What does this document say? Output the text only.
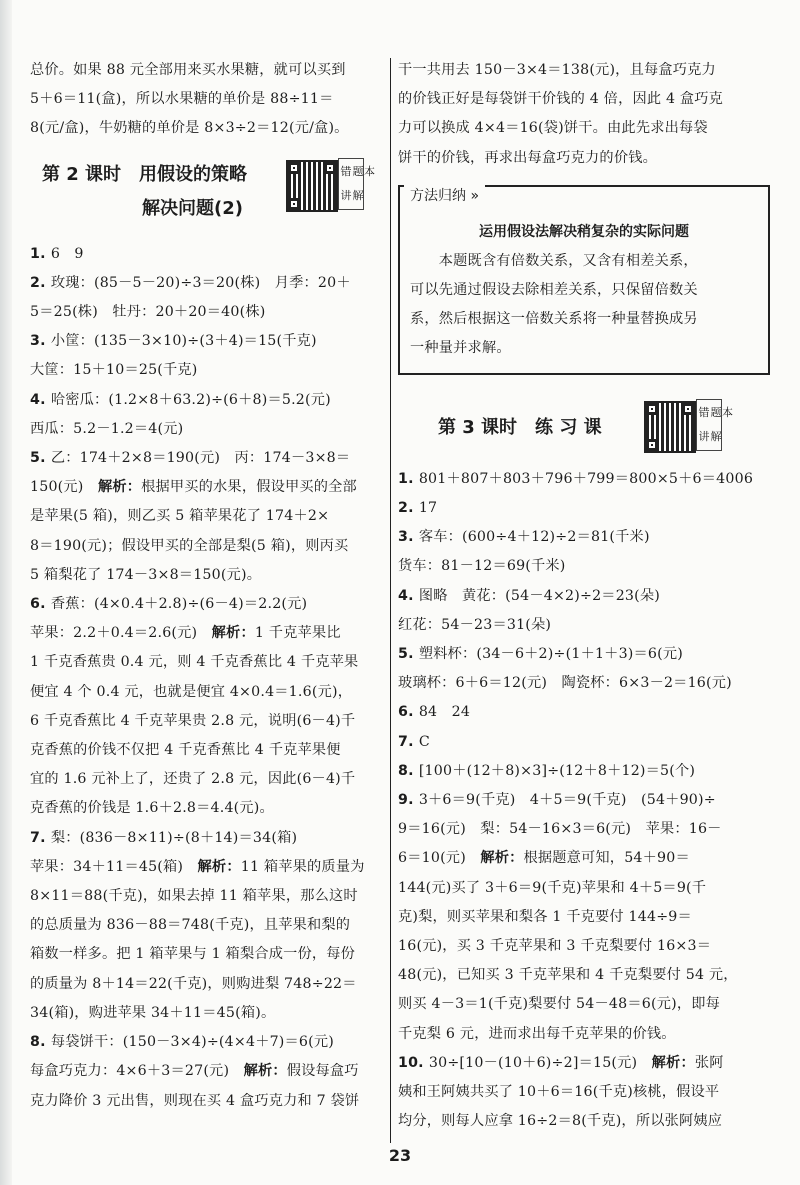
总价。如果 88 元全部用来买水果糖，就可以买到
5＋6＝11(盒)，所以水果糖的单价是 88÷11＝
8(元/盒)，牛奶糖的单价是 8×3÷2＝12(元/盒)。
第 2 课时　用假设的策略
解决问题(2)
错
讲
题
解
本
1. 6　9
2. 玫瑰：(85－5－20)÷3＝20(株)　月季：20＋
5＝25(株)　牡丹：20＋20＝40(株)
3. 小筐：(135－3×10)÷(3＋4)＝15(千克)
大筐：15＋10＝25(千克)
4. 哈密瓜：(1.2×8＋63.2)÷(6＋8)＝5.2(元)
西瓜：5.2－1.2＝4(元)
5. 乙：174＋2×8＝190(元)　丙：174－3×8＝
150(元)　解析：根据甲买的水果，假设甲买的全部
是苹果(5 箱)，则乙买 5 箱苹果花了 174＋2×
8＝190(元)；假设甲买的全部是梨(5 箱)，则丙买
5 箱梨花了 174－3×8＝150(元)。
6. 香蕉：(4×0.4＋2.8)÷(6－4)＝2.2(元)
苹果：2.2＋0.4＝2.6(元)　解析：1 千克苹果比
1 千克香蕉贵 0.4 元，则 4 千克香蕉比 4 千克苹果
便宜 4 个 0.4 元，也就是便宜 4×0.4＝1.6(元)，
6 千克香蕉比 4 千克苹果贵 2.8 元，说明(6－4)千
克香蕉的价钱不仅把 4 千克香蕉比 4 千克苹果便
宜的 1.6 元补上了，还贵了 2.8 元，因此(6－4)千
克香蕉的价钱是 1.6＋2.8＝4.4(元)。
7. 梨：(836－8×11)÷(8＋14)＝34(箱)
苹果：34＋11＝45(箱)　解析：11 箱苹果的质量为
8×11＝88(千克)，如果去掉 11 箱苹果，那么这时
的总质量为 836－88＝748(千克)，且苹果和梨的
箱数一样多。把 1 箱苹果与 1 箱梨合成一份，每份
的质量为 8＋14＝22(千克)，则购进梨 748÷22＝
34(箱)，购进苹果 34＋11＝45(箱)。
8. 每袋饼干：(150－3×4)÷(4×4＋7)＝6(元)
每盒巧克力：4×6＋3＝27(元)　解析：假设每盒巧
克力降价 3 元出售，则现在买 4 盒巧克力和 7 袋饼
干一共用去 150－3×4＝138(元)，且每盒巧克力
的价钱正好是每袋饼干价钱的 4 倍，因此 4 盒巧克
力可以换成 4×4＝16(袋)饼干。由此先求出每袋
饼干的价钱，再求出每盒巧克力的价钱。
方法归纳 »
运用假设法解决稍复杂的实际问题
　　本题既含有倍数关系，又含有相差关系，
可以先通过假设去除相差关系，只保留倍数关
系，然后根据这一倍数关系将一种量替换成另
一种量并求解。
第 3 课时　练 习 课
错
讲
题
解
本
1. 801＋807＋803＋796＋799＝800×5＋6＝4006
2. 17
3. 客车：(600÷4＋12)÷2＝81(千米)
货车：81－12＝69(千米)
4. 图略　黄花：(54－4×2)÷2＝23(朵)
红花：54－23＝31(朵)
5. 塑料杯：(34－6＋2)÷(1＋1＋3)＝6(元)
玻璃杯：6＋6＝12(元)　陶瓷杯：6×3－2＝16(元)
6. 84　24
7. C
8. [100＋(12＋8)×3]÷(12＋8＋12)＝5(个)
9. 3＋6＝9(千克)　4＋5＝9(千克)　(54＋90)÷
9＝16(元)　梨：54－16×3＝6(元)　苹果：16－
6＝10(元)　解析：根据题意可知，54＋90＝
144(元)买了 3＋6＝9(千克)苹果和 4＋5＝9(千
克)梨，则买苹果和梨各 1 千克要付 144÷9＝
16(元)，买 3 千克苹果和 3 千克梨要付 16×3＝
48(元)，已知买 3 千克苹果和 4 千克梨要付 54 元，
则买 4－3＝1(千克)梨要付 54－48＝6(元)，即每
千克梨 6 元，进而求出每千克苹果的价钱。
10. 30÷[10－(10＋6)÷2]＝15(元)　解析：张阿
姨和王阿姨共买了 10＋6＝16(千克)核桃，假设平
均分，则每人应拿 16÷2＝8(千克)，所以张阿姨应
23
